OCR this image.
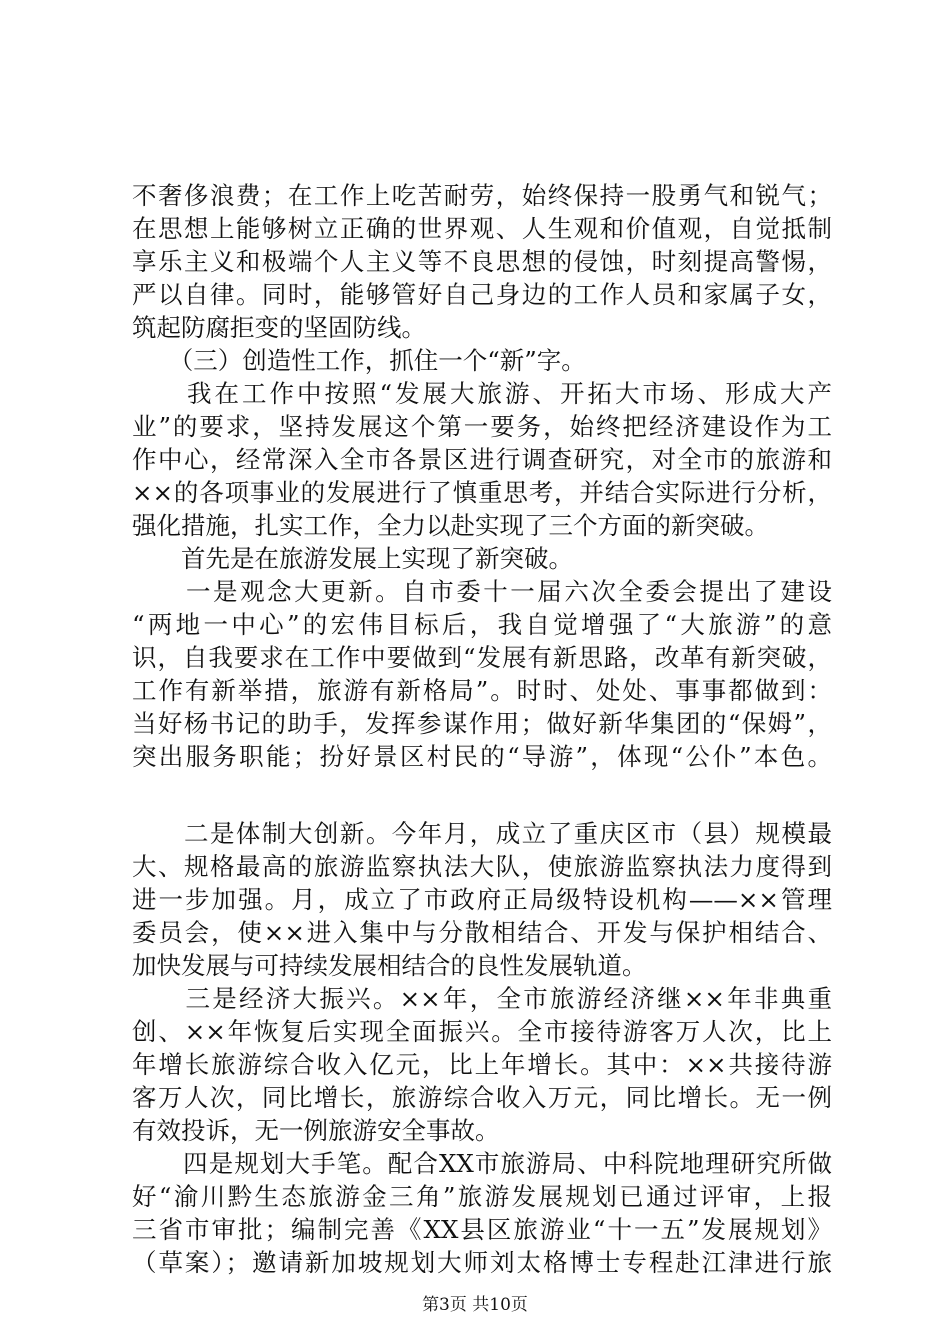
不奢侈浪费；在工作上吃苦耐劳，始终保持一股勇气和锐气；
在思想上能够树立正确的世界观、人生观和价值观，自觉抵制
享乐主义和极端个人主义等不良思想的侵蚀，时刻提高警惕，
严以自律。同时，能够管好自己身边的工作人员和家属子女，
筑起防腐拒变的坚固防线。
　　（三）创造性工作，抓住一个“新”字。
　　我在工作中按照“发展大旅游、开拓大市场、形成大产
业”的要求，坚持发展这个第一要务，始终把经济建设作为工
作中心，经常深入全市各景区进行调查研究，对全市的旅游和
××的各项事业的发展进行了慎重思考，并结合实际进行分析，
强化措施，扎实工作，全力以赴实现了三个方面的新突破。
　　首先是在旅游发展上实现了新突破。
　　一是观念大更新。自市委十一届六次全委会提出了建设
“两地一中心”的宏伟目标后，我自觉增强了“大旅游”的意
识，自我要求在工作中要做到“发展有新思路，改革有新突破，
工作有新举措，旅游有新格局”。时时、处处、事事都做到：
当好杨书记的助手，发挥参谋作用；做好新华集团的“保姆”，
突出服务职能；扮好景区村民的“导游”，体现“公仆”本色。
　　二是体制大创新。今年月，成立了重庆区市（县）规模最
大、规格最高的旅游监察执法大队，使旅游监察执法力度得到
进一步加强。月，成立了市政府正局级特设机构——××管理
委员会，使××进入集中与分散相结合、开发与保护相结合、
加快发展与可持续发展相结合的良性发展轨道。
　　三是经济大振兴。××年，全市旅游经济继××年非典重
创、××年恢复后实现全面振兴。全市接待游客万人次，比上
年增长旅游综合收入亿元，比上年增长。其中：××共接待游
客万人次，同比增长，旅游综合收入万元，同比增长。无一例
有效投诉，无一例旅游安全事故。
　　四是规划大手笔。配合XX市旅游局、中科院地理研究所做
好“渝川黔生态旅游金三角”旅游发展规划已通过评审，上报
三省市审批；编制完善《XX县区旅游业“十一五”发展规划》
（草案）；邀请新加坡规划大师刘太格博士专程赴江津进行旅
第3页 共10页
